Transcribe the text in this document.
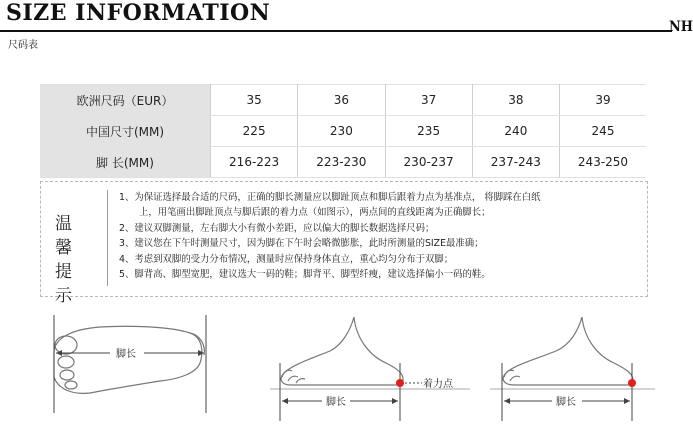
SIZE INFORMATION
NH
尺码表
欧洲尺码（EUR）	35	36	37	38	39
中国尺寸(MM)	225	230	235	240	245
脚 长(MM)	216-223	223-230	230-237	237-243	243-250
温 馨
提 示
1、为保证选择最合适的尺码，正确的脚长测量应以脚趾顶点和脚后跟着力点为基准点， 将脚踩在白纸
上，用笔画出脚趾顶点与脚后跟的着力点（如图示），两点间的直线距离为正确脚长；
2、建议双脚测量，左右脚大小有微小差距，应以偏大的脚长数据选择尺码；
3、建议您在下午时测量尺寸，因为脚在下午时会略微膨胀，此时所测量的SIZE最准确；
4、考虑到双脚的受力分布情况，测量时应保持身体直立，重心均匀分布于双脚；
5、脚背高、脚型宽肥，建议选大一码的鞋；脚背平、脚型纤瘦，建议选择偏小一码的鞋。
脚长
脚长
着力点
脚长
